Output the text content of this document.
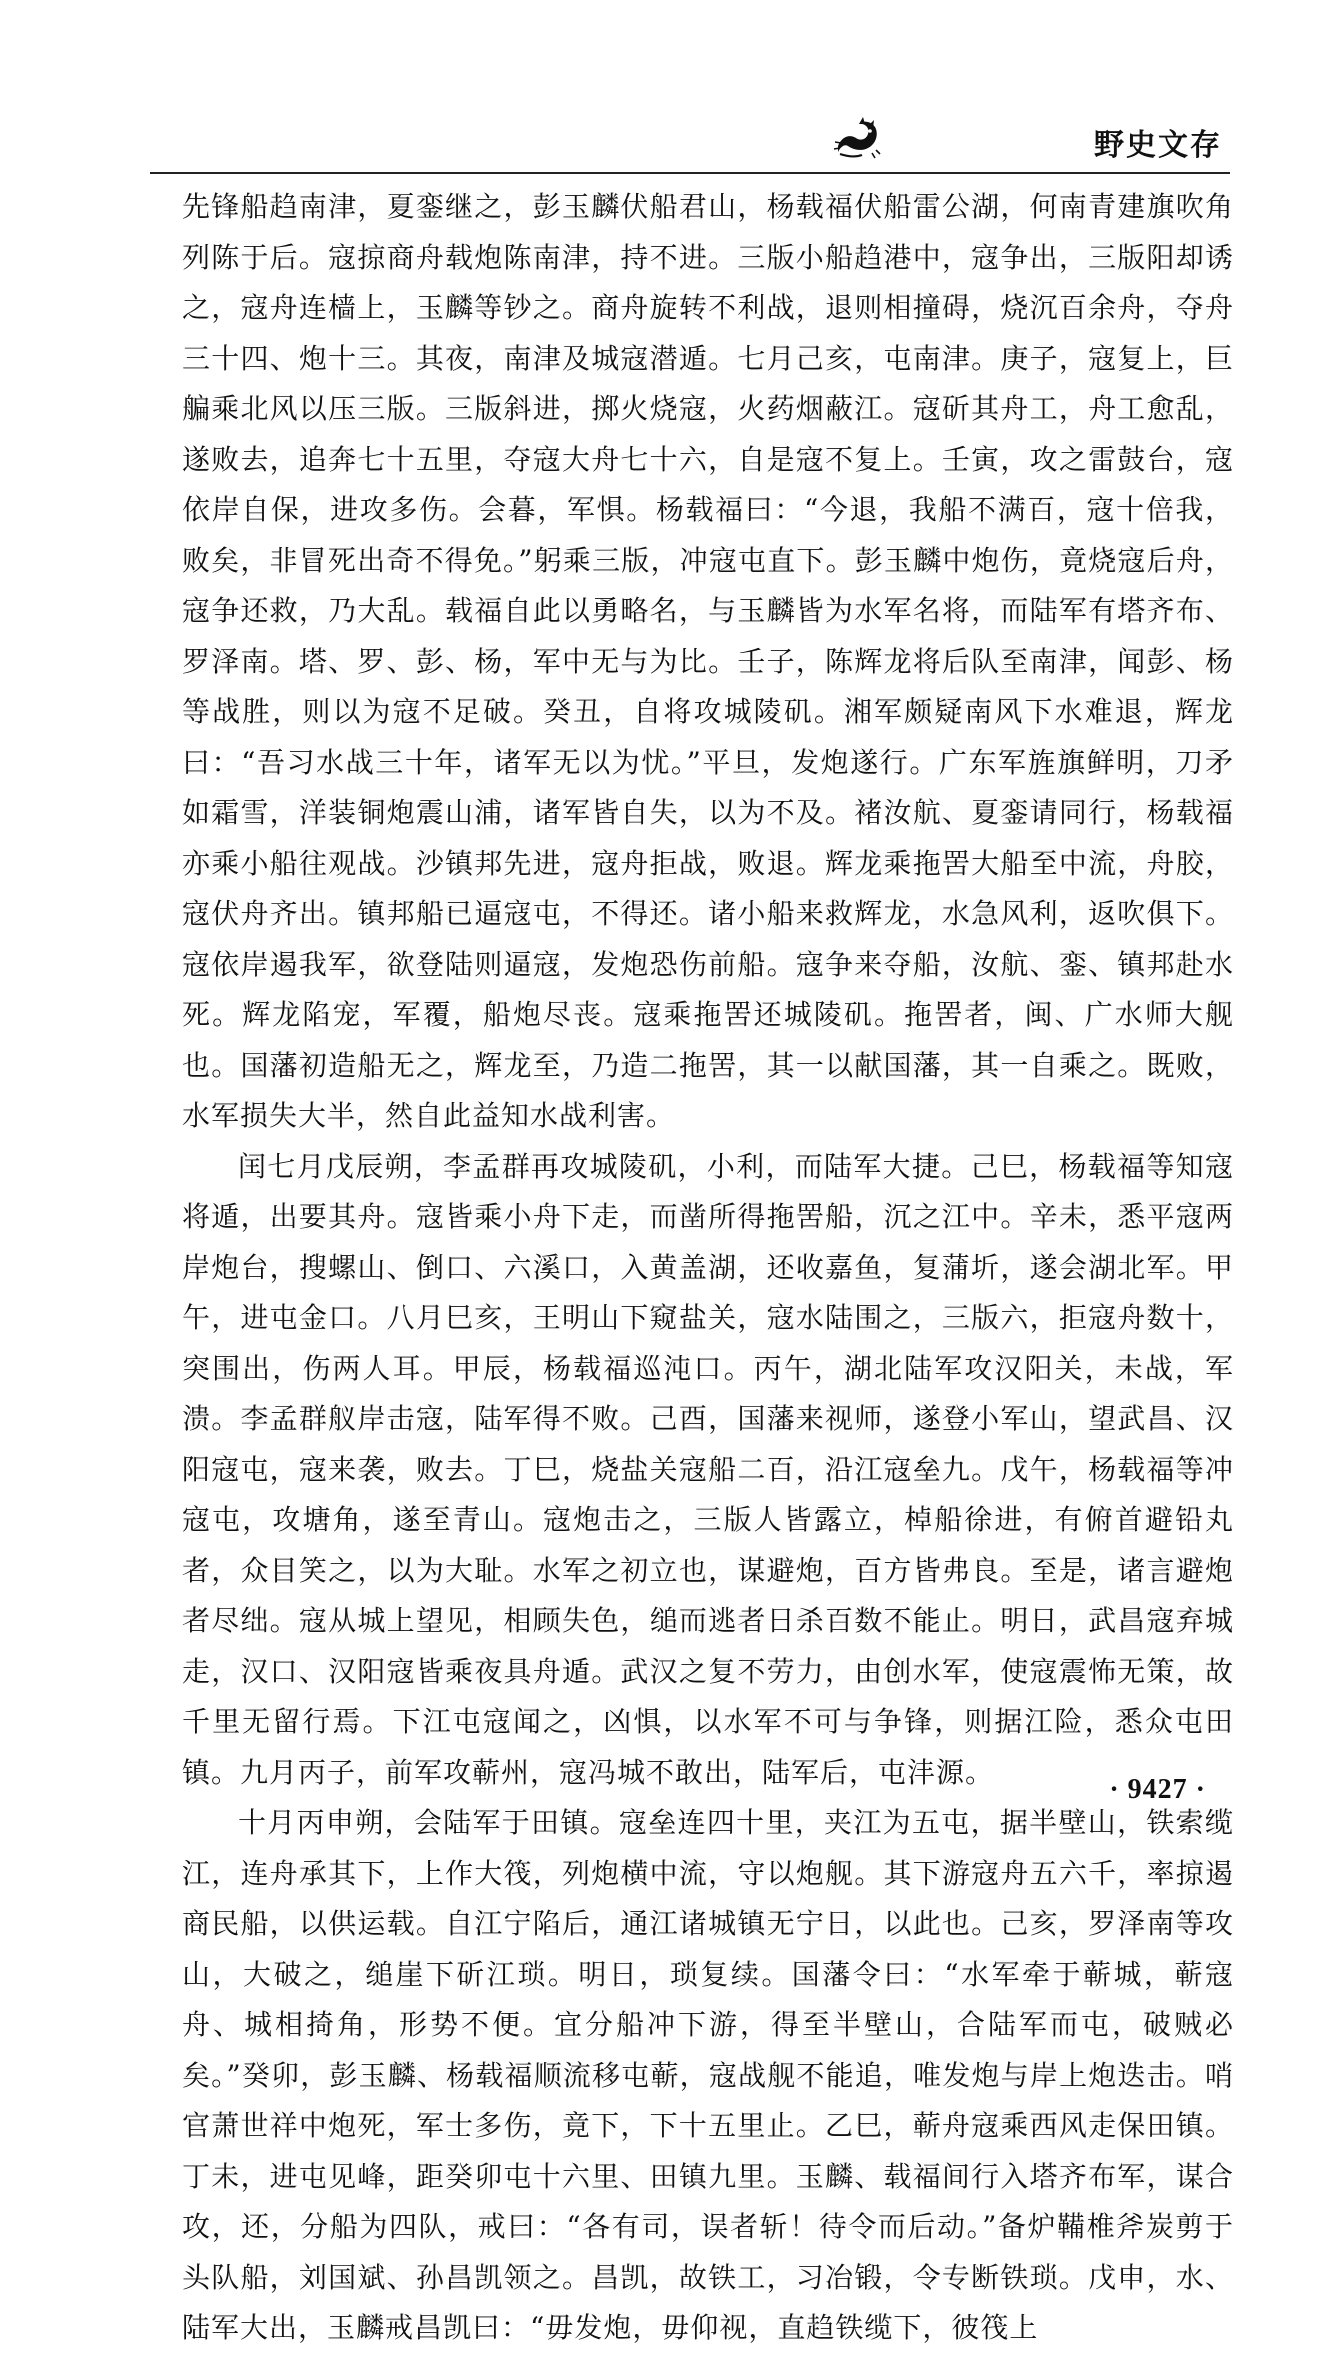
野史文存

先锋船趋南津，夏銮继之，彭玉麟伏船君山，杨载福伏船雷公湖，何南青建旗吹角列陈于后。寇掠商舟载炮陈南津，持不进。三版小船趋港中，寇争出，三版阳却诱之，寇舟连樯上，玉麟等钞之。商舟旋转不利战，退则相撞碍，烧沉百余舟，夺舟三十四、炮十三。其夜，南津及城寇潜遁。七月己亥，屯南津。庚子，寇复上，巨艑乘北风以压三版。三版斜进，掷火烧寇，火药烟蔽江。寇斫其舟工，舟工愈乱，遂败去，追奔七十五里，夺寇大舟七十六，自是寇不复上。壬寅，攻之雷鼓台，寇依岸自保，进攻多伤。会暮，军惧。杨载福曰：“今退，我船不满百，寇十倍我，败矣，非冒死出奇不得免。”躬乘三版，冲寇屯直下。彭玉麟中炮伤，竟烧寇后舟，寇争还救，乃大乱。载福自此以勇略名，与玉麟皆为水军名将，而陆军有塔齐布、罗泽南。塔、罗、彭、杨，军中无与为比。壬子，陈辉龙将后队至南津，闻彭、杨等战胜，则以为寇不足破。癸丑，自将攻城陵矶。湘军颇疑南风下水难退，辉龙曰：“吾习水战三十年，诸军无以为忧。”平旦，发炮遂行。广东军旌旗鲜明，刀矛如霜雪，洋装铜炮震山浦，诸军皆自失，以为不及。褚汝航、夏銮请同行，杨载福亦乘小船往观战。沙镇邦先进，寇舟拒战，败退。辉龙乘拖罟大船至中流，舟胶，寇伏舟齐出。镇邦船已逼寇屯，不得还。诸小船来救辉龙，水急风利，返吹俱下。寇依岸遏我军，欲登陆则逼寇，发炮恐伤前船。寇争来夺船，汝航、銮、镇邦赴水死。辉龙陷宠，军覆，船炮尽丧。寇乘拖罟还城陵矶。拖罟者，闽、广水师大舰也。国藩初造船无之，辉龙至，乃造二拖罟，其一以献国藩，其一自乘之。既败，水军损失大半，然自此益知水战利害。

闰七月戊辰朔，李孟群再攻城陵矶，小利，而陆军大捷。己巳，杨载福等知寇将遁，出要其舟。寇皆乘小舟下走，而凿所得拖罟船，沉之江中。辛未，悉平寇两岸炮台，搜螺山、倒口、六溪口，入黄盖湖，还收嘉鱼，复蒲圻，遂会湖北军。甲午，进屯金口。八月巳亥，王明山下窥盐关，寇水陆围之，三版六，拒寇舟数十，突围出，伤两人耳。甲辰，杨载福巡沌口。丙午，湖北陆军攻汉阳关，未战，军溃。李孟群舣岸击寇，陆军得不败。己酉，国藩来视师，遂登小军山，望武昌、汉阳寇屯，寇来袭，败去。丁巳，烧盐关寇船二百，沿江寇垒九。戊午，杨载福等冲寇屯，攻塘角，遂至青山。寇炮击之，三版人皆露立，棹船徐进，有俯首避铅丸者，众目笑之，以为大耻。水军之初立也，谋避炮，百方皆弗良。至是，诸言避炮者尽绌。寇从城上望见，相顾失色，缒而逃者日杀百数不能止。明日，武昌寇弃城走，汉口、汉阳寇皆乘夜具舟遁。武汉之复不劳力，由创水军，使寇震怖无策，故千里无留行焉。下江屯寇闻之，凶惧，以水军不可与争锋，则据江险，悉众屯田镇。九月丙子，前军攻蕲州，寇冯城不敢出，陆军后，屯沣源。

十月丙申朔，会陆军于田镇。寇垒连四十里，夹江为五屯，据半壁山，铁索缆江，连舟承其下，上作大筏，列炮横中流，守以炮舰。其下游寇舟五六千，率掠遏商民船，以供运载。自江宁陷后，通江诸城镇无宁日，以此也。己亥，罗泽南等攻山，大破之，缒崖下斫江琐。明日，琐复续。国藩令曰：“水军牵于蕲城，蕲寇舟、城相掎角，形势不便。宜分船冲下游，得至半壁山，合陆军而屯，破贼必矣。”癸卯，彭玉麟、杨载福顺流移屯蕲，寇战舰不能追，唯发炮与岸上炮迭击。哨官萧世祥中炮死，军士多伤，竟下，下十五里止。乙巳，蕲舟寇乘西风走保田镇。丁未，进屯见峰，距癸卯屯十六里、田镇九里。玉麟、载福间行入塔齐布军，谋合攻，还，分船为四队，戒曰：“各有司，误者斩！待令而后动。”备炉鞴椎斧炭剪于头队船，刘国斌、孙昌凯领之。昌凯，故铁工，习冶锻，令专断铁琐。戊申，水、陆军大出，玉麟戒昌凯曰：“毋发炮，毋仰视，直趋铁缆下，彼筏上

· 9427 ·
